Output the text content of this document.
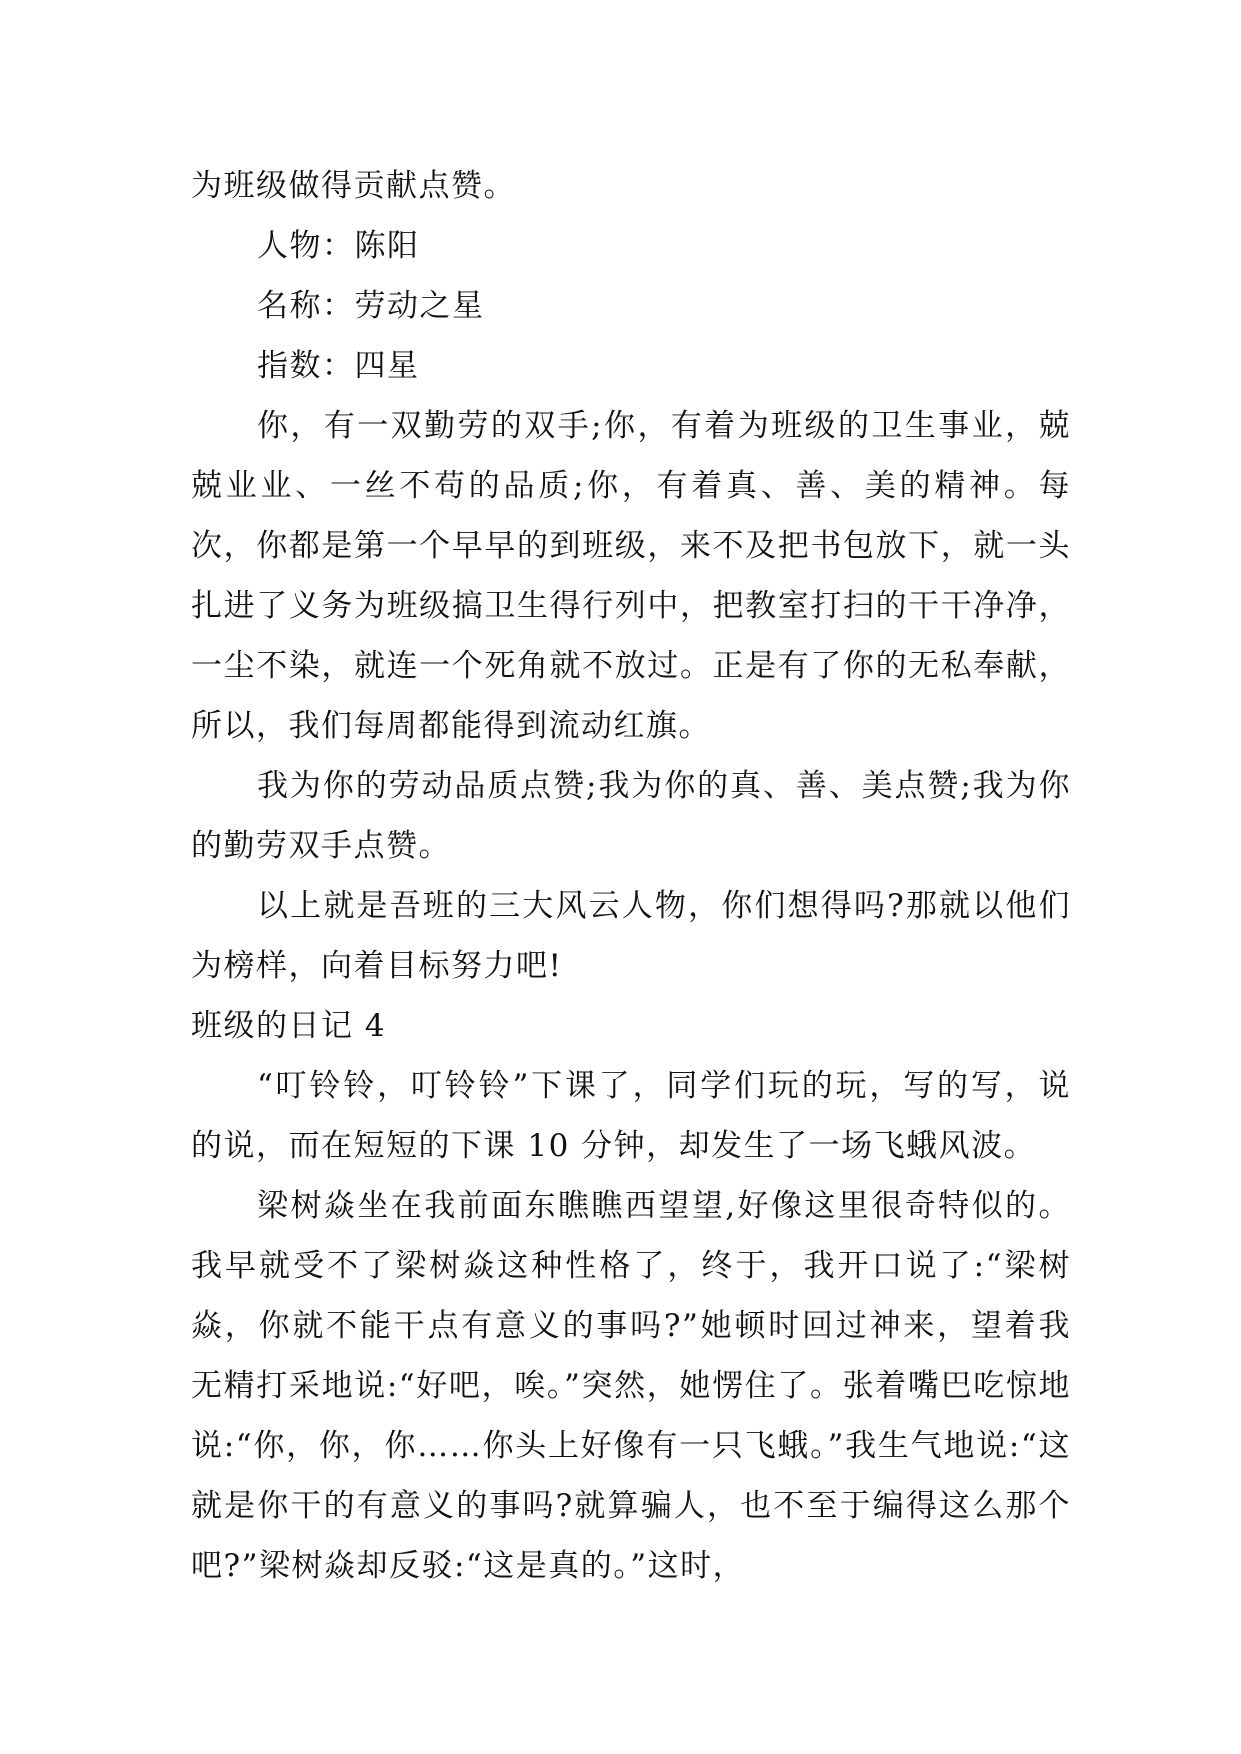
为班级做得贡献点赞。

人物：陈阳

名称：劳动之星

指数：四星

你，有一双勤劳的双手;你，有着为班级的卫生事业，兢兢业业、一丝不苟的品质;你，有着真、善、美的精神。每次，你都是第一个早早的到班级，来不及把书包放下，就一头扎进了义务为班级搞卫生得行列中，把教室打扫的干干净净，一尘不染，就连一个死角就不放过。正是有了你的无私奉献，所以，我们每周都能得到流动红旗。

我为你的劳动品质点赞;我为你的真、善、美点赞;我为你的勤劳双手点赞。

以上就是吾班的三大风云人物，你们想得吗?那就以他们为榜样，向着目标努力吧!

班级的日记 4

“叮铃铃，叮铃铃”下课了，同学们玩的玩，写的写，说的说，而在短短的下课 10 分钟，却发生了一场飞蛾风波。

梁树焱坐在我前面东瞧瞧西望望,好像这里很奇特似的。我早就受不了梁树焱这种性格了，终于，我开口说了:“梁树焱，你就不能干点有意义的事吗?”她顿时回过神来，望着我无精打采地说:“好吧，唉。”突然，她愣住了。张着嘴巴吃惊地说:“你，你，你……你头上好像有一只飞蛾。”我生气地说:“这就是你干的有意义的事吗?就算骗人，也不至于编得这么那个吧?”梁树焱却反驳:“这是真的。”这时，
